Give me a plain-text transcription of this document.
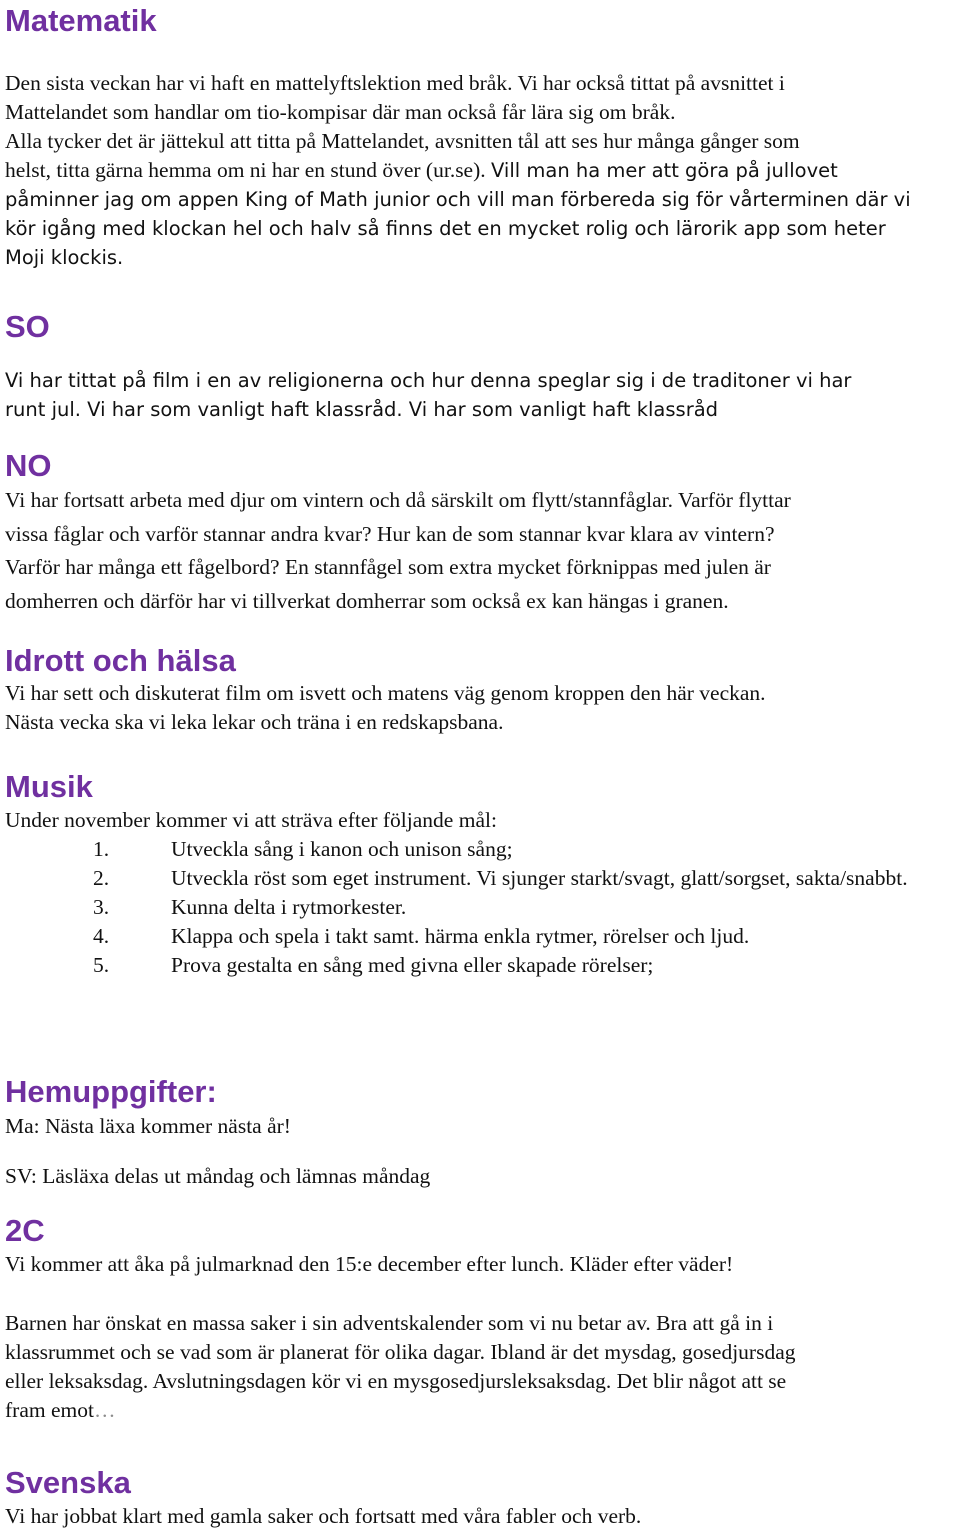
Matematik
Den sista veckan har vi haft en mattelyftslektion med bråk. Vi har också tittat på avsnittet i
Mattelandet som handlar om tio-kompisar där man också får lära sig om bråk.
Alla tycker det är jättekul att titta på Mattelandet, avsnitten tål att ses hur många gånger som
helst, titta gärna hemma om ni har en stund över (ur.se). Vill man ha mer att göra på jullovet
påminner jag om appen King of Math junior och vill man förbereda sig för vårterminen där vi
kör igång med klockan hel och halv så finns det en mycket rolig och lärorik app som heter
Moji klockis.
SO
Vi har tittat på film i en av religionerna och hur denna speglar sig i de traditoner vi har
runt jul. Vi har som vanligt haft klassråd. Vi har som vanligt haft klassråd
NO
Vi har fortsatt arbeta med djur om vintern och då särskilt om flytt/stannfåglar. Varför flyttar
vissa fåglar och varför stannar andra kvar? Hur kan de som stannar kvar klara av vintern?
Varför har många ett fågelbord? En stannfågel som extra mycket förknippas med julen är
domherren och därför har vi tillverkat domherrar som också ex kan hängas i granen.
Idrott och hälsa
Vi har sett och diskuterat film om isvett och matens väg genom kroppen den här veckan.
Nästa vecka ska vi leka lekar och träna i en redskapsbana.
Musik
Under november kommer vi att sträva efter följande mål:
1.	Utveckla sång i kanon och unison sång;
2.	Utveckla röst som eget instrument. Vi sjunger starkt/svagt, glatt/sorgset, sakta/snabbt.
3.	Kunna delta i rytmorkester.
4.	Klappa och spela i takt samt. härma enkla rytmer, rörelser och ljud.
5.	Prova gestalta en sång med givna eller skapade rörelser;
Hemuppgifter:
Ma: Nästa läxa kommer nästa år!
SV: Läsläxa delas ut måndag och lämnas måndag
2C
Vi kommer att åka på julmarknad den 15:e december efter lunch. Kläder efter väder!
Barnen har önskat en massa saker i sin adventskalender som vi nu betar av. Bra att gå in i
klassrummet och se vad som är planerat för olika dagar. Ibland är det mysdag, gosedjursdag
eller leksaksdag. Avslutningsdagen kör vi en mysgosedjursleksaksdag. Det blir något att se
fram emot…
Svenska
Vi har jobbat klart med gamla saker och fortsatt med våra fabler och verb.
